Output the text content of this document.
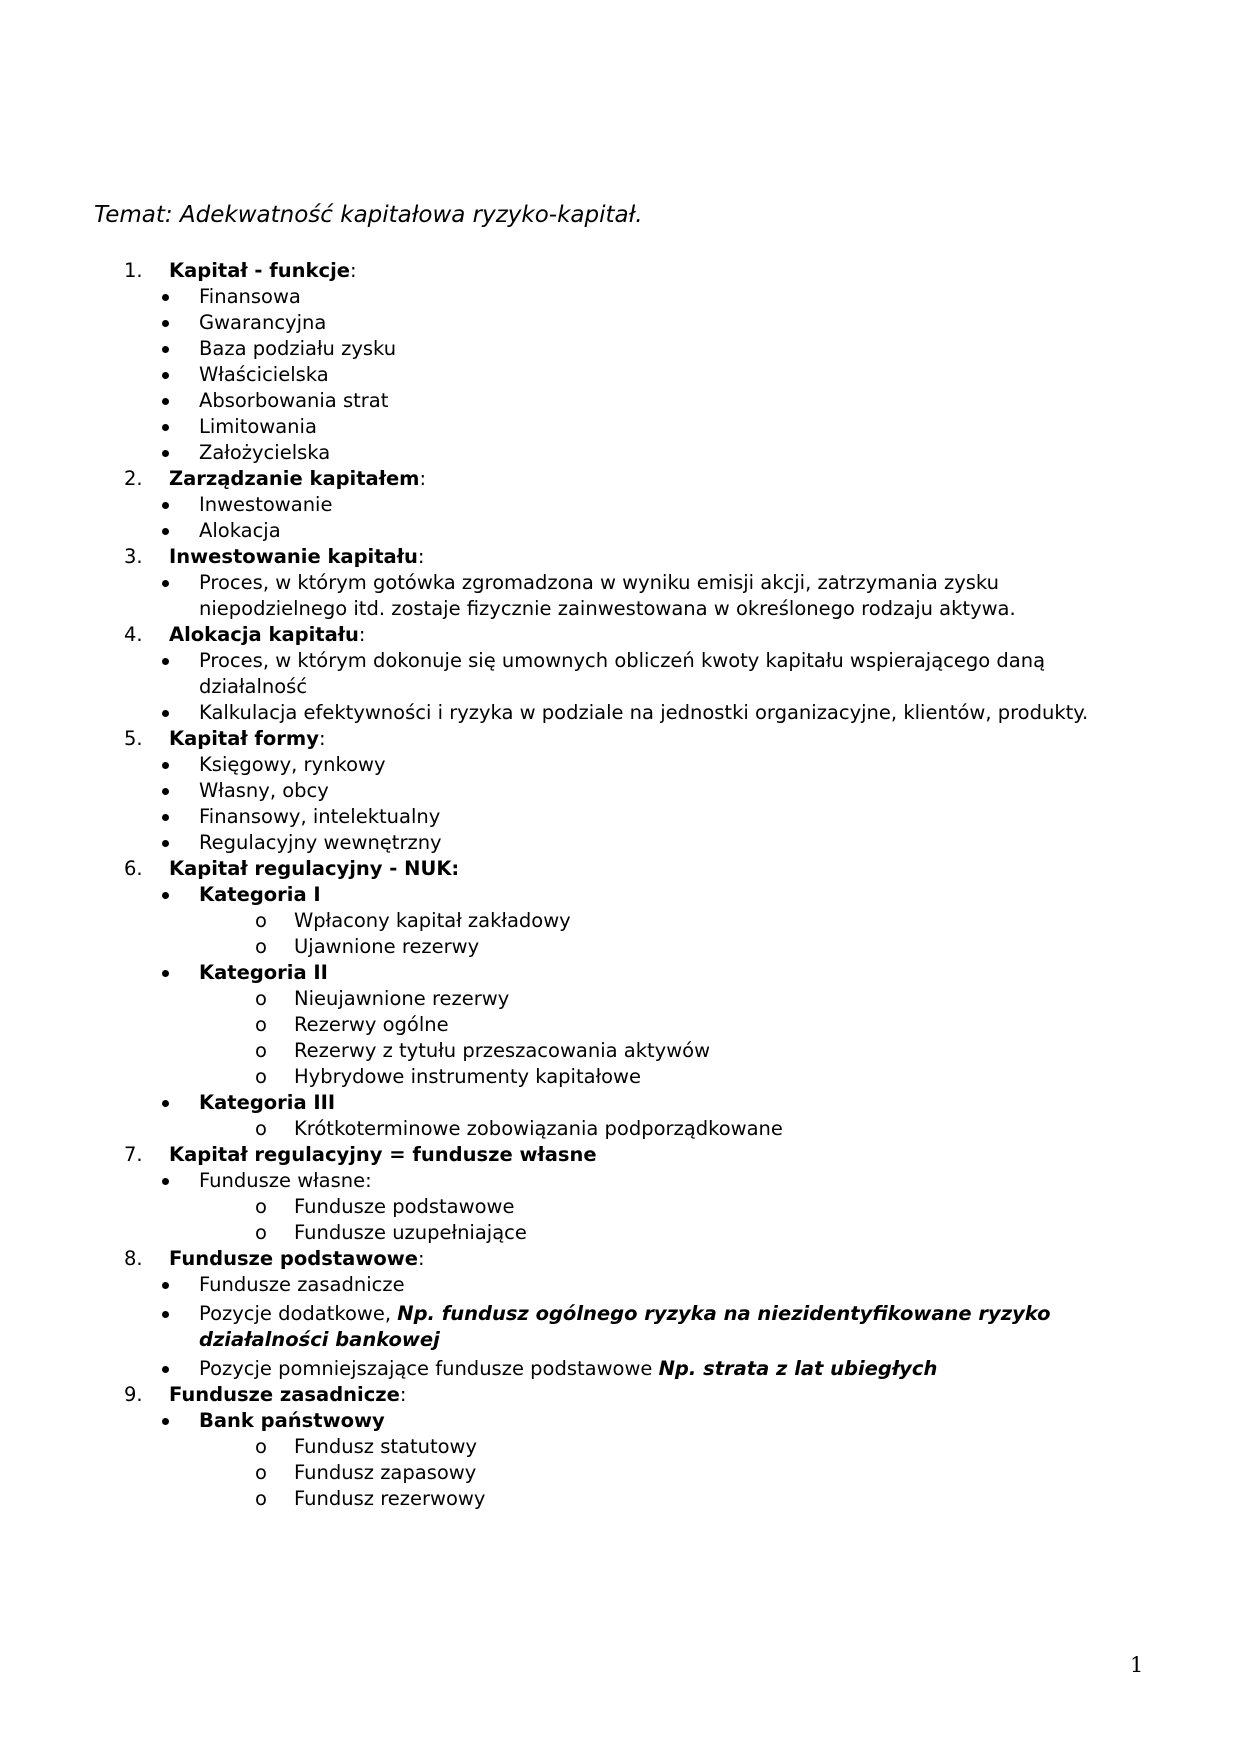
Temat: Adekwatność kapitałowa ryzyko-kapitał.
1. Kapitał - funkcje:
Finansowa
Gwarancyjna
Baza podziału zysku
Właścicielska
Absorbowania strat
Limitowania
Założycielska
2. Zarządzanie kapitałem:
Inwestowanie
Alokacja
3. Inwestowanie kapitału:
Proces, w którym gotówka zgromadzona w wyniku emisji akcji, zatrzymania zysku niepodzielnego itd. zostaje fizycznie zainwestowana w określonego rodzaju aktywa.
4. Alokacja kapitału:
Proces, w którym dokonuje się umownych obliczeń kwoty kapitału wspierającego daną działalność
Kalkulacja efektywności i ryzyka w podziale na jednostki organizacyjne, klientów, produkty.
5. Kapitał formy:
Księgowy, rynkowy
Własny, obcy
Finansowy, intelektualny
Regulacyjny wewnętrzny
6. Kapitał regulacyjny - NUK:
Kategoria I
o Wpłacony kapitał zakładowy
o Ujawnione rezerwy
Kategoria II
o Nieujawnione rezerwy
o Rezerwy ogólne
o Rezerwy z tytułu przeszacowania aktywów
o Hybrydowe instrumenty kapitałowe
Kategoria III
o Krótkoterminowe zobowiązania podporządkowane
7. Kapitał regulacyjny = fundusze własne
Fundusze własne:
o Fundusze podstawowe
o Fundusze uzupełniające
8. Fundusze podstawowe:
Fundusze zasadnicze
Pozycje dodatkowe, Np. fundusz ogólnego ryzyka na niezidentyfikowane ryzyko działalności bankowej
Pozycje pomniejszające fundusze podstawowe Np. strata z lat ubiegłych
9. Fundusze zasadnicze:
Bank państwowy
o Fundusz statutowy
o Fundusz zapasowy
o Fundusz rezerwowy
1
